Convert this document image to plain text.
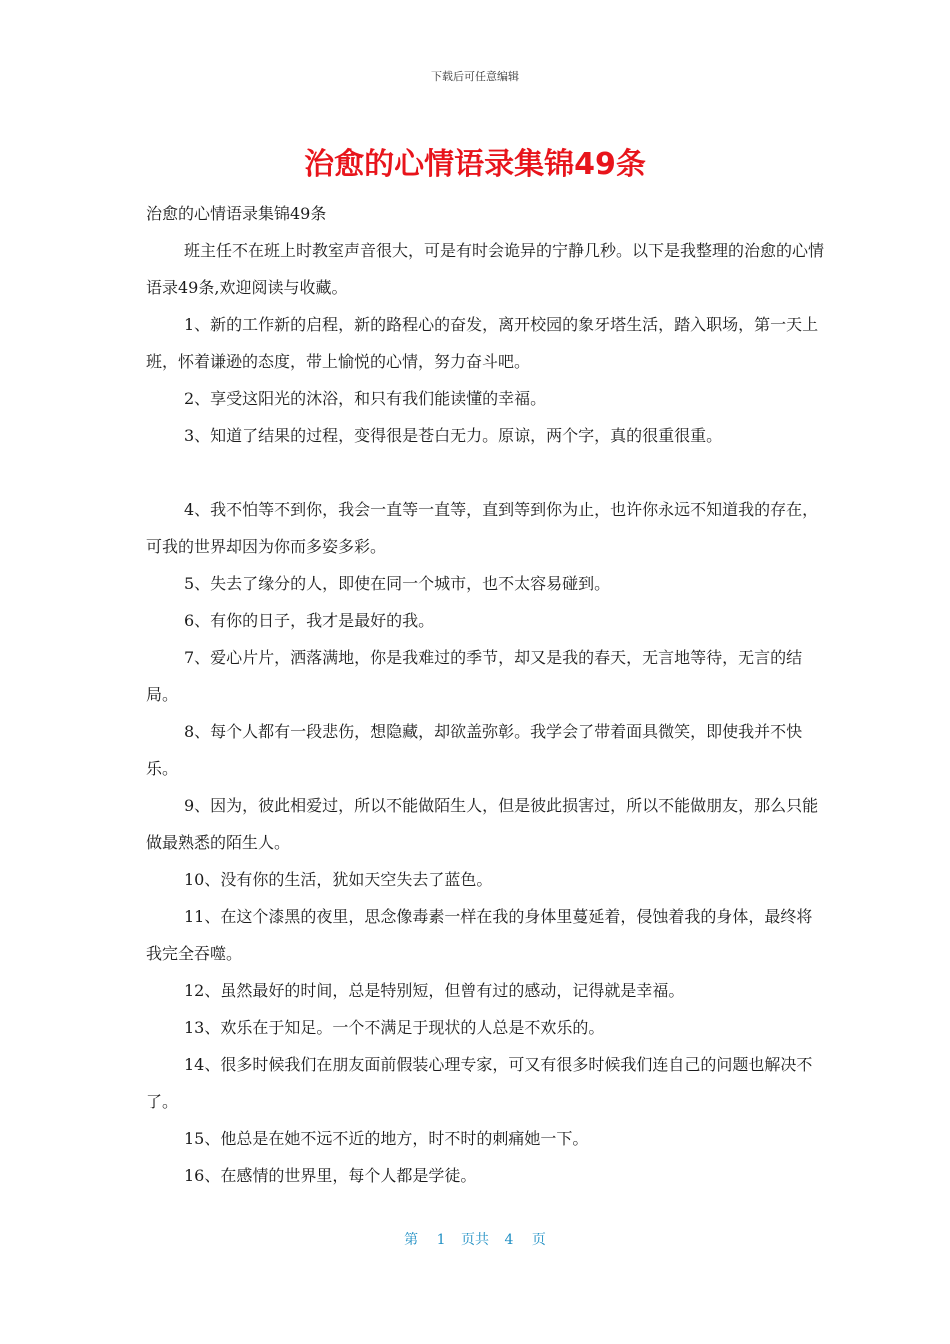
下载后可任意编辑
治愈的心情语录集锦49条

治愈的心情语录集锦49条

班主任不在班上时教室声音很大，可是有时会诡异的宁静几秒。以下是我整理的治愈的心情语录49条,欢迎阅读与收藏。

1、新的工作新的启程，新的路程心的奋发，离开校园的象牙塔生活，踏入职场，第一天上班，怀着谦逊的态度，带上愉悦的心情，努力奋斗吧。

2、享受这阳光的沐浴，和只有我们能读懂的幸福。

3、知道了结果的过程，变得很是苍白无力。原谅，两个字，真的很重很重。

4、我不怕等不到你，我会一直等一直等，直到等到你为止，也许你永远不知道我的存在，可我的世界却因为你而多姿多彩。

5、失去了缘分的人，即使在同一个城市，也不太容易碰到。

6、有你的日子，我才是最好的我。

7、爱心片片，洒落满地，你是我难过的季节，却又是我的春天，无言地等待，无言的结局。

8、每个人都有一段悲伤，想隐藏，却欲盖弥彰。我学会了带着面具微笑，即使我并不快乐。

9、因为，彼此相爱过，所以不能做陌生人，但是彼此损害过，所以不能做朋友，那么只能做最熟悉的陌生人。

10、没有你的生活，犹如天空失去了蓝色。

11、在这个漆黑的夜里，思念像毒素一样在我的身体里蔓延着，侵蚀着我的身体，最终将我完全吞噬。

12、虽然最好的时间，总是特别短，但曾有过的感动，记得就是幸福。

13、欢乐在于知足。一个不满足于现状的人总是不欢乐的。

14、很多时候我们在朋友面前假装心理专家，可又有很多时候我们连自己的问题也解决不了。

15、他总是在她不远不近的地方，时不时的刺痛她一下。

16、在感情的世界里，每个人都是学徒。

第 1 页共 4 页
